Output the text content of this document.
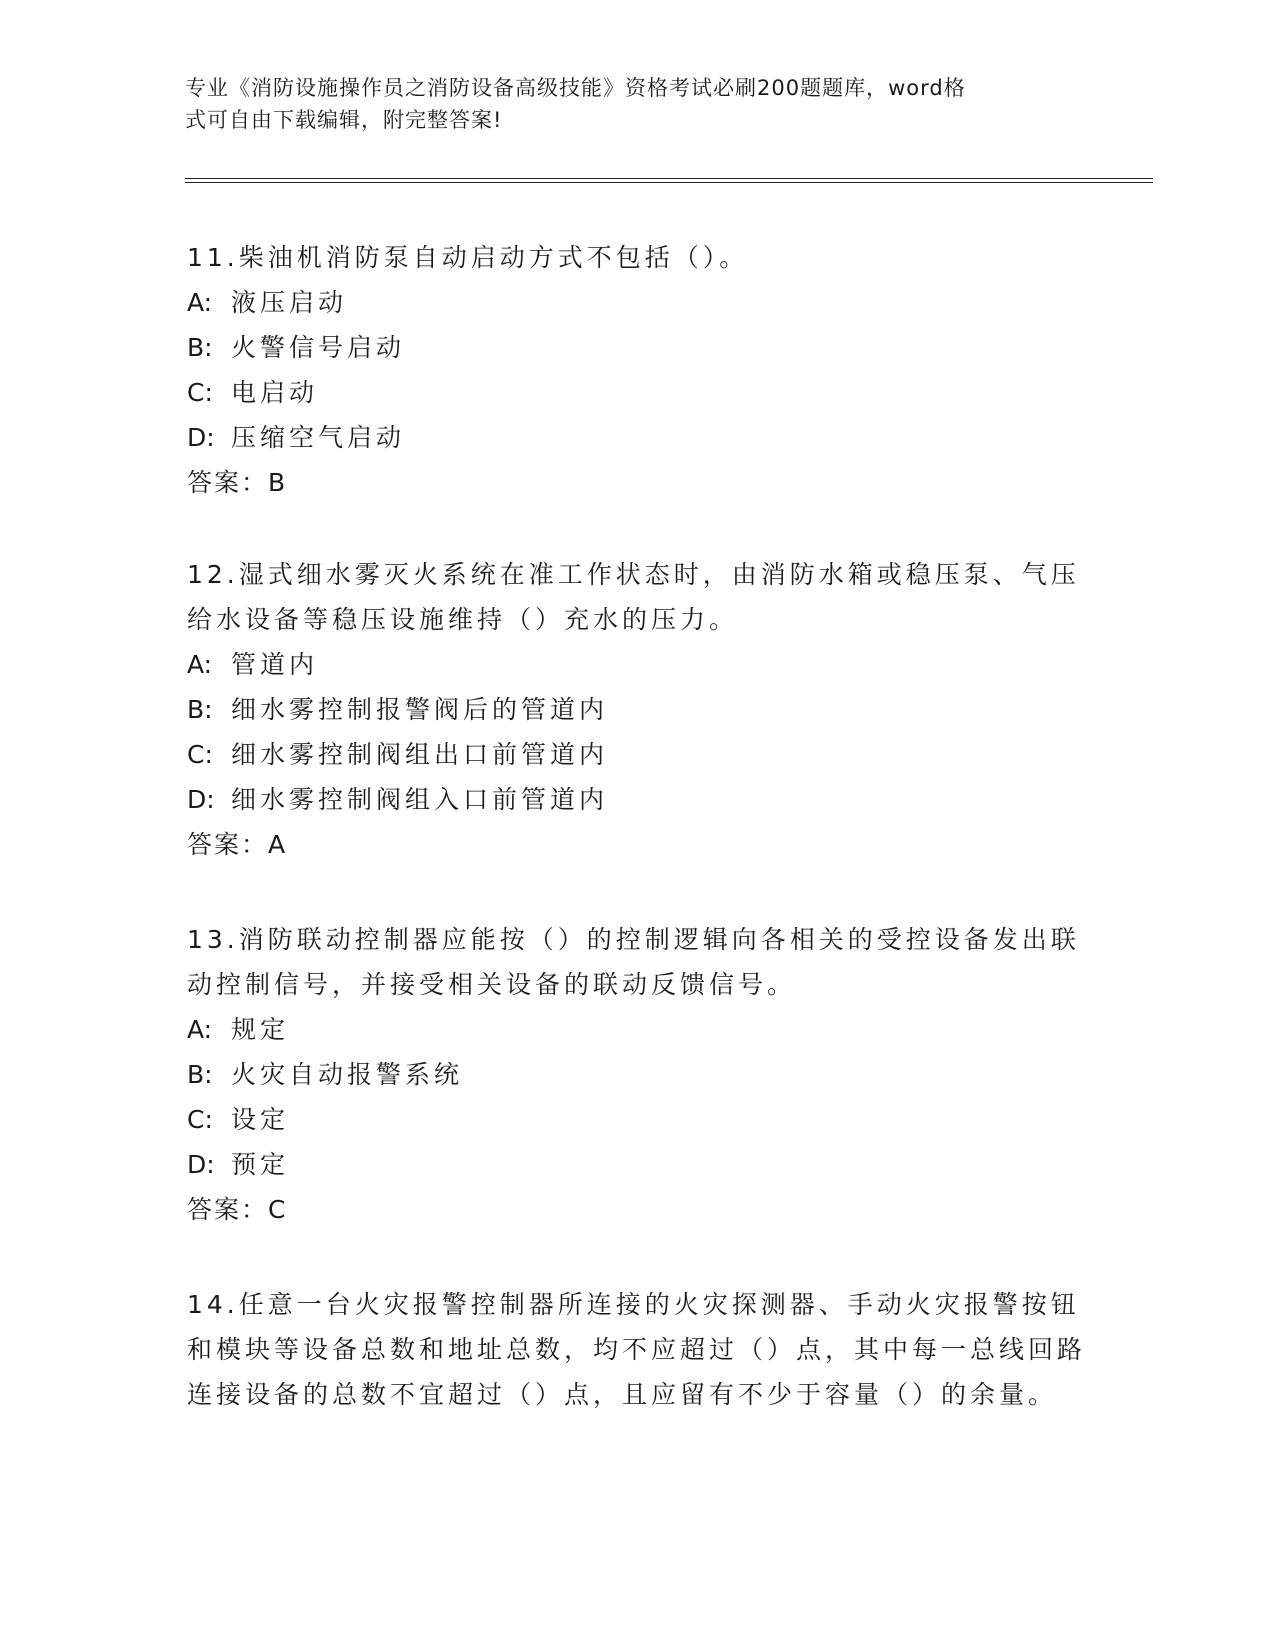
专业《消防设施操作员之消防设备高级技能》资格考试必刷200题题库，word格
式可自由下载编辑，附完整答案!

11.柴油机消防泵自动启动方式不包括（）。

A: 液压启动
B: 火警信号启动
C: 电启动
D: 压缩空气启动
答案：B

12.湿式细水雾灭火系统在准工作状态时，由消防水箱或稳压泵、气压给水设备等稳压设施维持（）充水的压力。

A: 管道内
B: 细水雾控制报警阀后的管道内
C: 细水雾控制阀组出口前管道内
D: 细水雾控制阀组入口前管道内
答案：A

13.消防联动控制器应能按（）的控制逻辑向各相关的受控设备发出联动控制信号，并接受相关设备的联动反馈信号。

A: 规定
B: 火灾自动报警系统
C: 设定
D: 预定
答案：C

14.任意一台火灾报警控制器所连接的火灾探测器、手动火灾报警按钮和模块等设备总数和地址总数，均不应超过（）点，其中每一总线回路连接设备的总数不宜超过（）点，且应留有不少于容量（）的余量。
